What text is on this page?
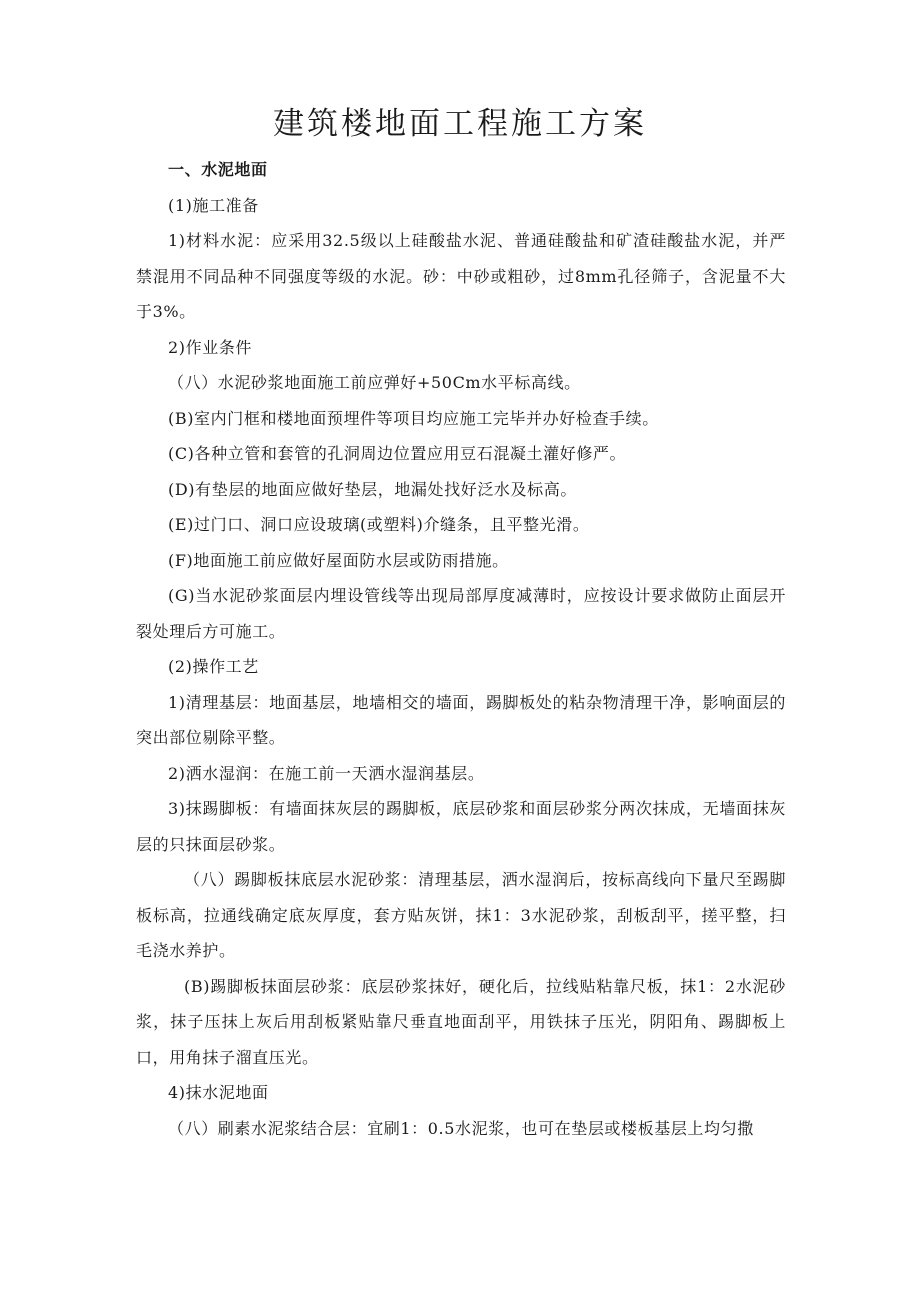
建筑楼地面工程施工方案

一、水泥地面

(1)施工准备

1)材料水泥：应采用32.5级以上硅酸盐水泥、普通硅酸盐和矿渣硅酸盐水泥，并严禁混用不同品种不同强度等级的水泥。砂：中砂或粗砂，过8mm孔径筛子，含泥量不大于3%。

2)作业条件

（八）水泥砂浆地面施工前应弹好+50Cm水平标高线。

(B)室内门框和楼地面预埋件等项目均应施工完毕并办好检查手续。

(C)各种立管和套管的孔洞周边位置应用豆石混凝土灌好修严。

(D)有垫层的地面应做好垫层，地漏处找好泛水及标高。

(E)过门口、洞口应设玻璃(或塑料)介缝条，且平整光滑。

(F)地面施工前应做好屋面防水层或防雨措施。

(G)当水泥砂浆面层内埋设管线等出现局部厚度减薄时，应按设计要求做防止面层开裂处理后方可施工。

(2)操作工艺

1)清理基层：地面基层，地墙相交的墙面，踢脚板处的粘杂物清理干净，影响面层的突出部位剔除平整。

2)洒水湿润：在施工前一天洒水湿润基层。

3)抹踢脚板：有墙面抹灰层的踢脚板，底层砂浆和面层砂浆分两次抹成，无墙面抹灰层的只抹面层砂浆。

（八）踢脚板抹底层水泥砂浆：清理基层，洒水湿润后，按标高线向下量尺至踢脚板标高，拉通线确定底灰厚度，套方贴灰饼，抹1：3水泥砂浆，刮板刮平，搓平整，扫毛浇水养护。

(B)踢脚板抹面层砂浆：底层砂浆抹好，硬化后，拉线贴粘靠尺板，抹1：2水泥砂浆，抹子压抹上灰后用刮板紧贴靠尺垂直地面刮平，用铁抹子压光，阴阳角、踢脚板上口，用角抹子溜直压光。

4)抹水泥地面

（八）刷素水泥浆结合层：宜刷1：0.5水泥浆，也可在垫层或楼板基层上均匀撒
